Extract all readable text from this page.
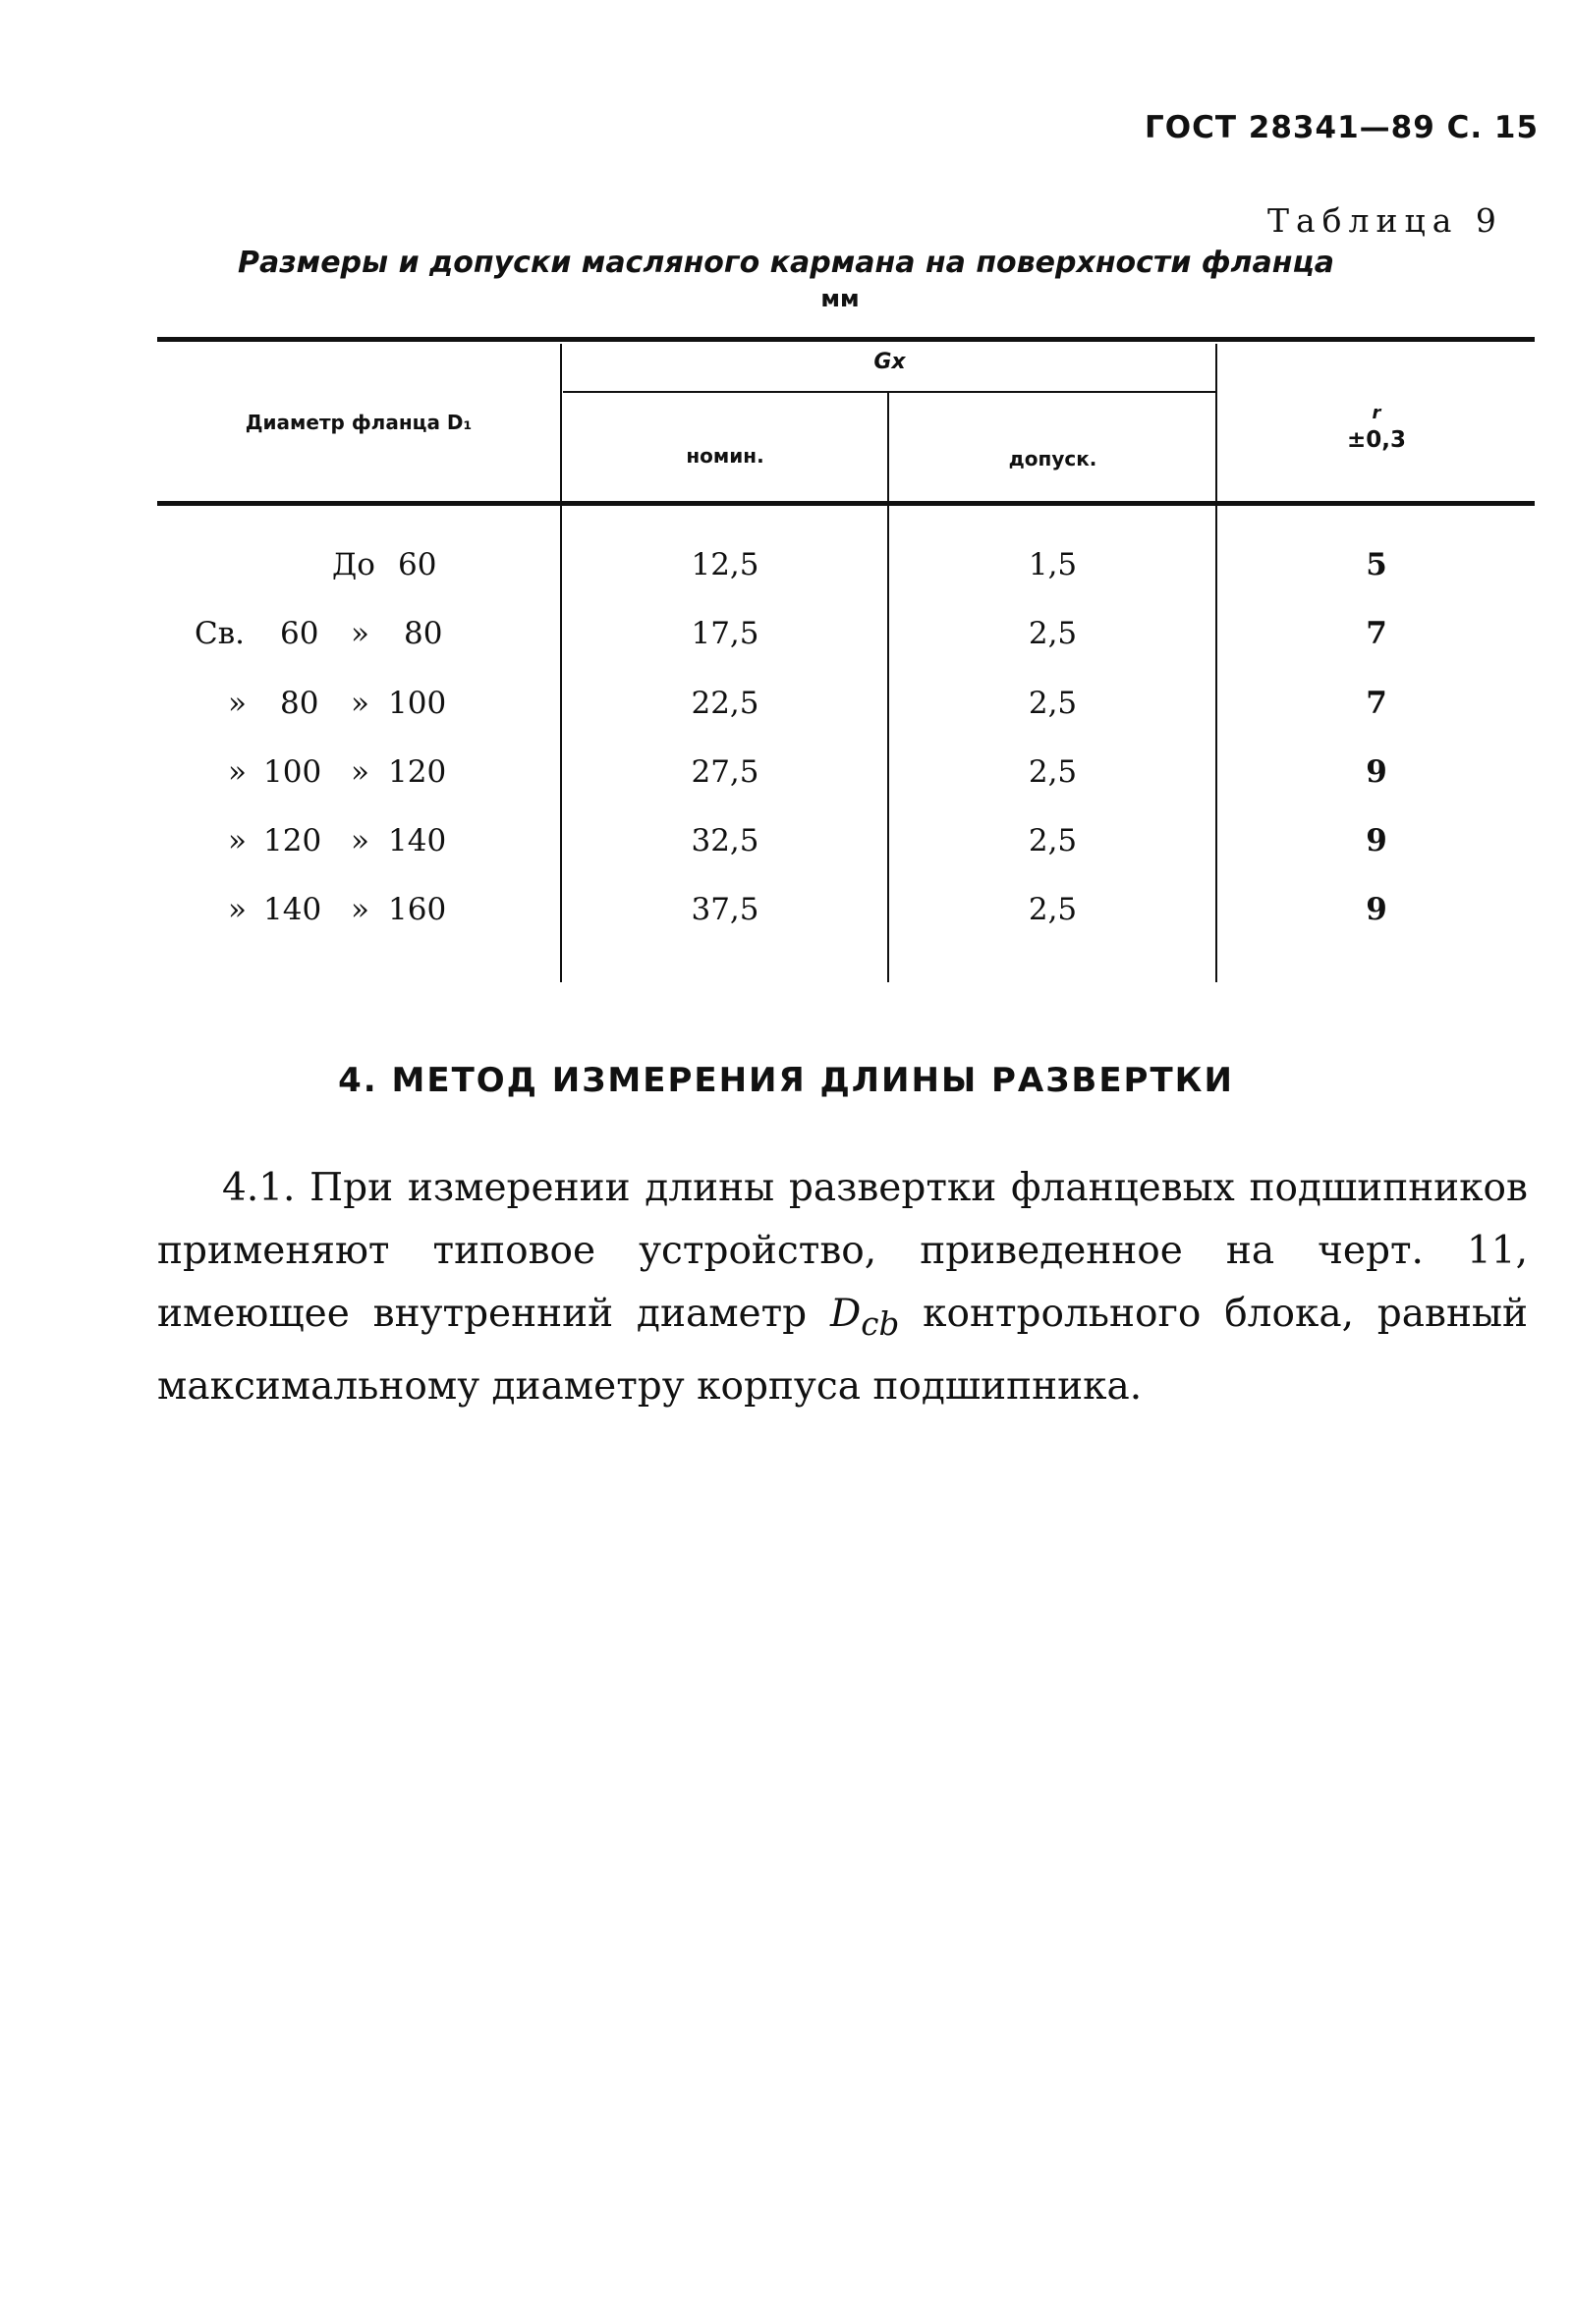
ГОСТ 28341—89 С. 15
Таблица 9
Размеры и допуски масляного кармана на поверхности фланца
мм
Диаметр фланца D₁
Gx
номин.	допуск.
r
±0,3
До 60	12,5	1,5	5
Св. 60 » 80	17,5	2,5	7
» 80 » 100	22,5	2,5	7
» 100 » 120	27,5	2,5	9
» 120 » 140	32,5	2,5	9
» 140 » 160	37,5	2,5	9
4. МЕТОД ИЗМЕРЕНИЯ ДЛИНЫ РАЗВЕРТКИ

4.1. При измерении длины развертки фланцевых подшипников применяют типовое устройство, приведенное на черт. 11, имеющее внутренний диаметр $D_{cb}$ контрольного блока, равный максимальному диаметру корпуса подшипника.
